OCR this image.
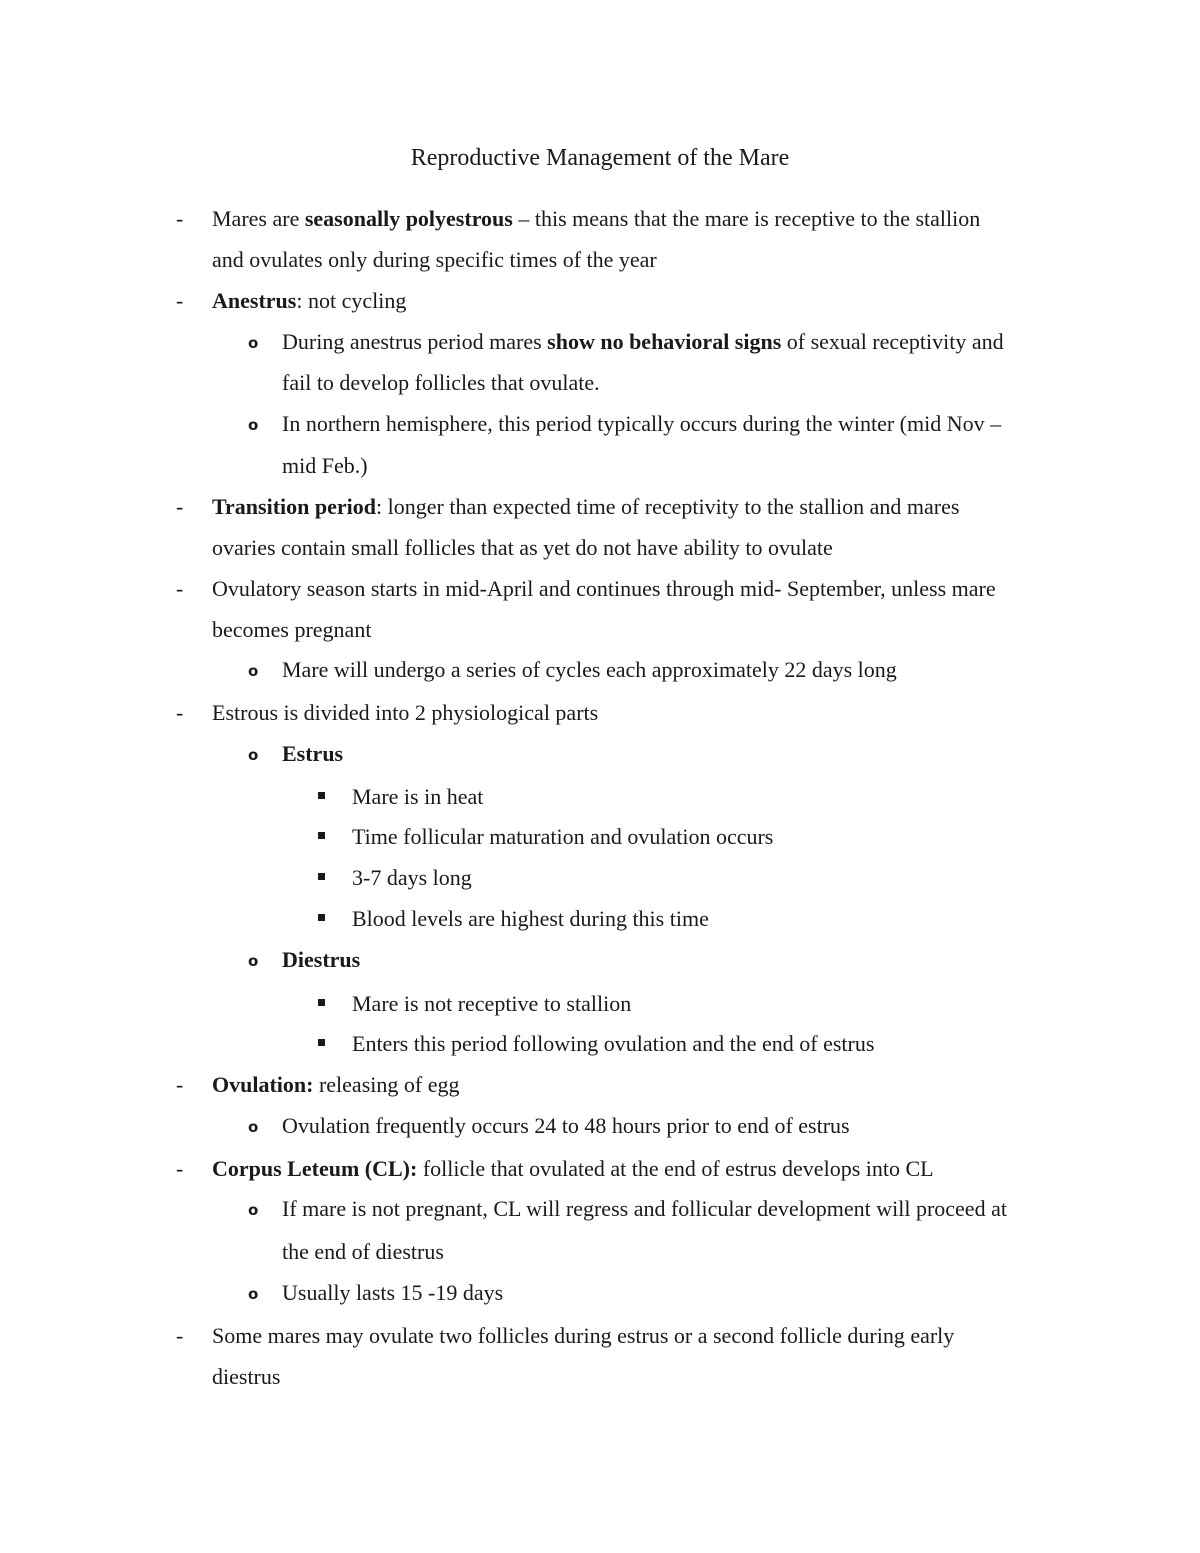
Reproductive Management of the Mare
- Mares are seasonally polyestrous – this means that the mare is receptive to the stallion
and ovulates only during specific times of the year
- Anestrus: not cycling
o During anestrus period mares show no behavioral signs of sexual receptivity and
fail to develop follicles that ovulate.
o In northern hemisphere, this period typically occurs during the winter (mid Nov –
mid Feb.)
- Transition period: longer than expected time of receptivity to the stallion and mares
ovaries contain small follicles that as yet do not have ability to ovulate
- Ovulatory season starts in mid-April and continues through mid- September, unless mare
becomes pregnant
o Mare will undergo a series of cycles each approximately 22 days long
- Estrous is divided into 2 physiological parts
o Estrus
Mare is in heat
Time follicular maturation and ovulation occurs
3-7 days long
Blood levels are highest during this time
o Diestrus
Mare is not receptive to stallion
Enters this period following ovulation and the end of estrus
- Ovulation: releasing of egg
o Ovulation frequently occurs 24 to 48 hours prior to end of estrus
- Corpus Leteum (CL): follicle that ovulated at the end of estrus develops into CL
o If mare is not pregnant, CL will regress and follicular development will proceed at
the end of diestrus
o Usually lasts 15 -19 days
- Some mares may ovulate two follicles during estrus or a second follicle during early
diestrus
